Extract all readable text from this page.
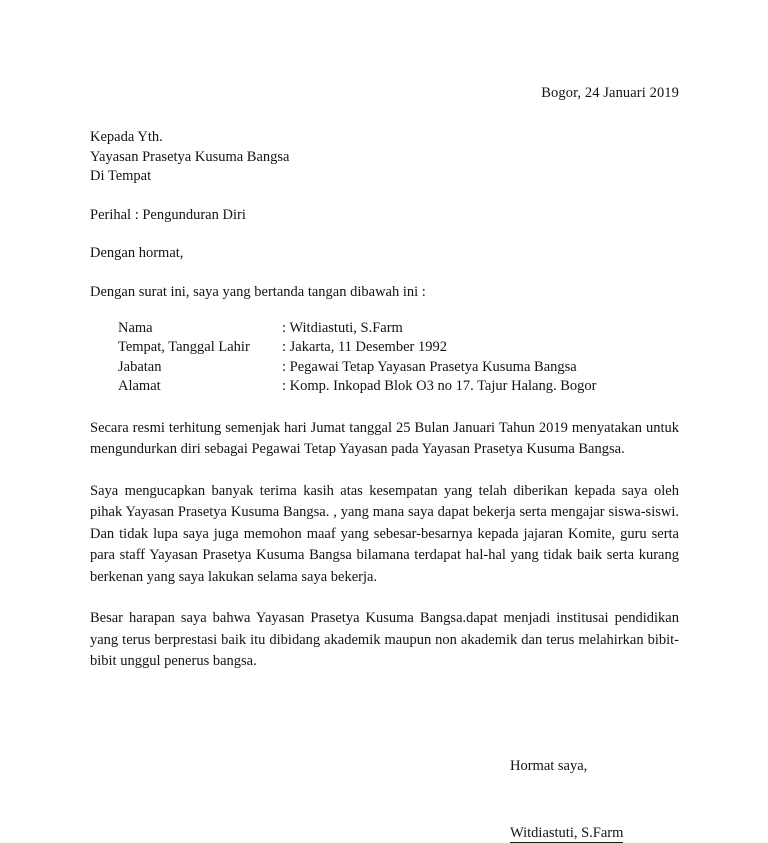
Bogor, 24 Januari 2019
Kepada Yth.
Yayasan Prasetya Kusuma Bangsa
Di Tempat
Perihal : Pengunduran Diri
Dengan hormat,
Dengan surat ini, saya yang bertanda tangan dibawah ini :
Nama	: Witdiastuti, S.Farm
Tempat, Tanggal Lahir	: Jakarta, 11 Desember 1992
Jabatan	: Pegawai Tetap Yayasan Prasetya Kusuma Bangsa
Alamat	: Komp. Inkopad Blok O3 no 17. Tajur Halang. Bogor

Secara resmi terhitung semenjak hari Jumat tanggal 25 Bulan Januari Tahun 2019 menyatakan untuk mengundurkan diri sebagai Pegawai Tetap Yayasan pada Yayasan Prasetya Kusuma Bangsa.

Saya mengucapkan banyak terima kasih atas kesempatan yang telah diberikan kepada saya oleh pihak Yayasan Prasetya Kusuma Bangsa. , yang mana saya dapat bekerja serta mengajar siswa-siswi. Dan tidak lupa saya juga memohon maaf yang sebesar-besarnya kepada jajaran Komite, guru serta para staff Yayasan Prasetya Kusuma Bangsa bilamana terdapat hal-hal yang tidak baik serta kurang berkenan yang saya lakukan selama saya bekerja.

Besar harapan saya bahwa Yayasan Prasetya Kusuma Bangsa.dapat menjadi institusai pendidikan yang terus berprestasi baik itu dibidang akademik maupun non akademik dan terus melahirkan bibit-bibit unggul penerus bangsa.

Hormat saya,
Witdiastuti, S.Farm
